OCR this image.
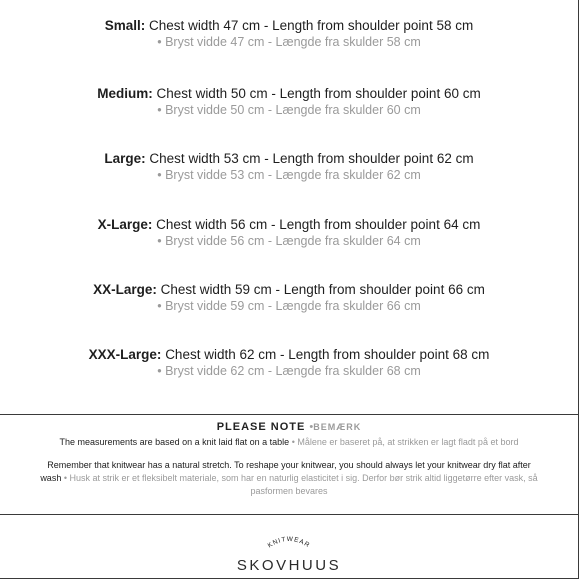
Small: Chest width 47 cm - Length from shoulder point 58 cm
• Bryst vidde 47 cm - Længde fra skulder 58 cm
Medium: Chest width 50 cm - Length from shoulder point 60 cm
• Bryst vidde 50 cm - Længde fra skulder 60 cm
Large: Chest width 53 cm - Length from shoulder point 62 cm
• Bryst vidde 53 cm - Længde fra skulder 62 cm
X-Large: Chest width 56 cm - Length from shoulder point 64 cm
• Bryst vidde 56 cm - Længde fra skulder 64 cm
XX-Large: Chest width 59 cm - Length from shoulder point 66 cm
• Bryst vidde 59 cm - Længde fra skulder 66 cm
XXX-Large: Chest width 62 cm - Length from shoulder point 68 cm
• Bryst vidde 62 cm - Længde fra skulder 68 cm
PLEASE NOTE •BEMÆRK

The measurements are based on a knit laid flat on a table • Målene er baseret på, at strikken er lagt fladt på et bord

Remember that knitwear has a natural stretch. To reshape your knitwear, you should always let your knitwear dry flat after wash • Husk at strik er et fleksibelt materiale, som har en naturlig elasticitet i sig. Derfor bør strik altid liggetørre efter vask, så pasformen bevares

KNITWEAR
SKOVHUUS
